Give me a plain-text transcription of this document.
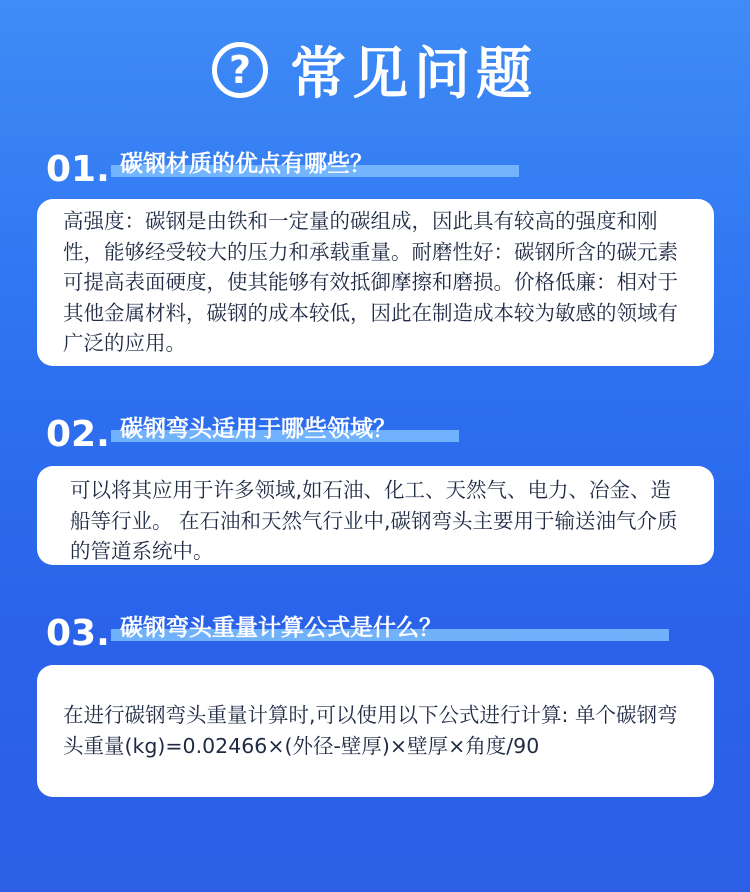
? 常见问题
01. 碳钢材质的优点有哪些？
高强度：碳钢是由铁和一定量的碳组成，因此具有较高的强度和刚性，能够经受较大的压力和承载重量。耐磨性好：碳钢所含的碳元素可提高表面硬度，使其能够有效抵御摩擦和磨损。价格低廉：相对于其他金属材料，碳钢的成本较低，因此在制造成本较为敏感的领域有广泛的应用。
02. 碳钢弯头适用于哪些领域？
可以将其应用于许多领域,如石油、化工、天然气、电力、冶金、造船等行业。 在石油和天然气行业中,碳钢弯头主要用于输送油气介质的管道系统中。
03. 碳钢弯头重量计算公式是什么？
在进行碳钢弯头重量计算时,可以使用以下公式进行计算: 单个碳钢弯头重量(kg)=0.02466×(外径-壁厚)×壁厚×角度/90
